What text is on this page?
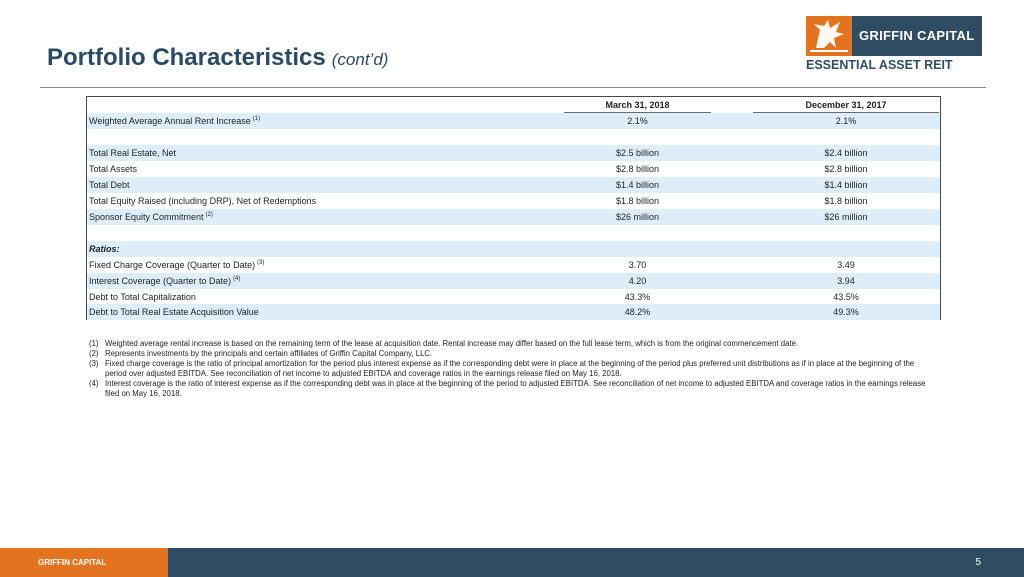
Portfolio Characteristics (cont’d)
GRIFFIN CAPITAL
ESSENTIAL ASSET REIT
March 31, 2018	December 31, 2017
Weighted Average Annual Rent Increase $^{(1)}$	2.1%	2.1%
Total Real Estate, Net	$2.5 billion	$2.4 billion
Total Assets	$2.8 billion	$2.8 billion
Total Debt	$1.4 billion	$1.4 billion
Total Equity Raised (including DRP), Net of Redemptions	$1.8 billion	$1.8 billion
Sponsor Equity Commitment $^{(2)}$	$26 million	$26 million
Ratios:
Fixed Charge Coverage (Quarter to Date) $^{(3)}$	3.70	3.49
Interest Coverage (Quarter to Date) $^{(4)}$	4.20	3.94
Debt to Total Capitalization	43.3%	43.5%
Debt to Total Real Estate Acquisition Value	48.2%	49.3%
(1) Weighted average rental increase is based on the remaining term of the lease at acquisition date. Rental increase may differ based on the full lease term, which is from the original commencement date.
(2) Represents investments by the principals and certain affiliates of Griffin Capital Company, LLC.
(3) Fixed charge coverage is the ratio of principal amortization for the period plus interest expense as if the corresponding debt were in place at the beginning of the period plus preferred unit distributions as if in place at the beginning of the period over adjusted EBITDA. See reconciliation of net income to adjusted EBITDA and coverage ratios in the earnings release filed on May 16, 2018.
(4) Interest coverage is the ratio of interest expense as if the corresponding debt was in place at the beginning of the period to adjusted EBITDA. See reconciliation of net income to adjusted EBITDA and coverage ratios in the earnings release filed on May 16, 2018.
GRIFFIN CAPITAL	5
